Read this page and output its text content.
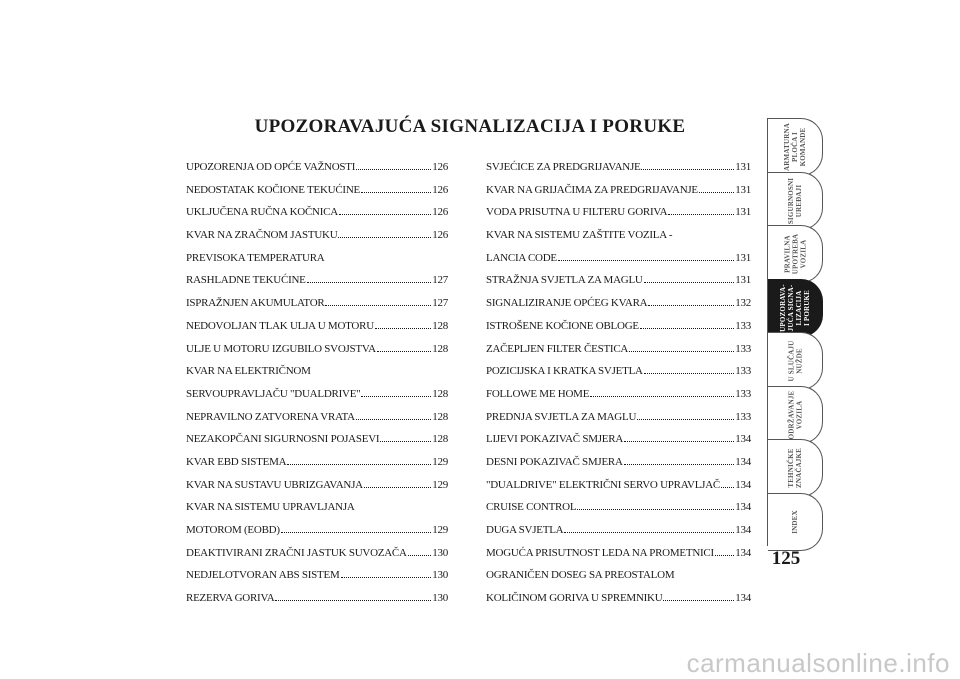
UPOZORAVAJUĆA SIGNALIZACIJA I PORUKE
UPOZORENJA OD OPĆE VAŽNOSTI	126
NEDOSTATAK KOČIONE TEKUĆINE	126
UKLJUČENA RUČNA KOČNICA	126
KVAR NA ZRAČNOM JASTUKU	126
PREVISOKA TEMPERATURA
RASHLADNE TEKUĆINE	127
ISPRAŽNJEN AKUMULATOR	127
NEDOVOLJAN TLAK ULJA U MOTORU	128
ULJE U MOTORU IZGUBILO SVOJSTVA	128
KVAR NA ELEKTRIČNOM
SERVOUPRAVLJAČU "DUALDRIVE"	128
NEPRAVILNO ZATVORENA VRATA	128
NEZAKOPČANI SIGURNOSNI POJASEVI	128
KVAR EBD SISTEMA	129
KVAR NA SUSTAVU UBRIZGAVANJA	129
KVAR NA SISTEMU UPRAVLJANJA
MOTOROM (EOBD)	129
DEAKTIVIRANI ZRAČNI JASTUK SUVOZAČA 130
NEDJELOTVORAN ABS SISTEM	130
REZERVA GORIVA	130
SVJEĆICE ZA PREDGRIJAVANJE	131
KVAR NA GRIJAČIMA ZA PREDGRIJAVANJE	131
VODA PRISUTNA U FILTERU GORIVA	131
KVAR NA SISTEMU ZAŠTITE VOZILA -
LANCIA CODE	131
STRAŽNJA SVJETLA ZA MAGLU	131
SIGNALIZIRANJE OPĆEG KVARA	132
ISTROŠENE KOČIONE OBLOGE	133
ZAČEPLJEN FILTER ČESTICA	133
POZICIJSKA I KRATKA SVJETLA	133
FOLLOWE ME HOME	133
PREDNJA SVJETLA ZA MAGLU	133
LIJEVI POKAZIVAČ SMJERA	134
DESNI POKAZIVAČ SMJERA	134
"DUALDRIVE" ELEKTRIČNI SERVO UPRAVLJAČ 134
CRUISE CONTROL	134
DUGA SVJETLA	134
MOGUĆA PRISUTNOST LEDA NA PROMETNICI 134
OGRANIČEN DOSEG SA PREOSTALOM
KOLIČINOM GORIVA U SPREMNIKU	134
ARMATURNA
PLOČA I
KOMANDE
SIGURNOSNI
UREĐAJI
PRAVILNA
UPOTREBA
VOZILA
UPOZORAVA-
JUĆA SIGNA-
LIZACIJA
I PORUKE
U SLUČAJU
NUŽDE
ODRŽAVANJE
VOZILA
TEHNIČKE
ZNAČAJKE
INDEX
125
carmanualsonline.info
